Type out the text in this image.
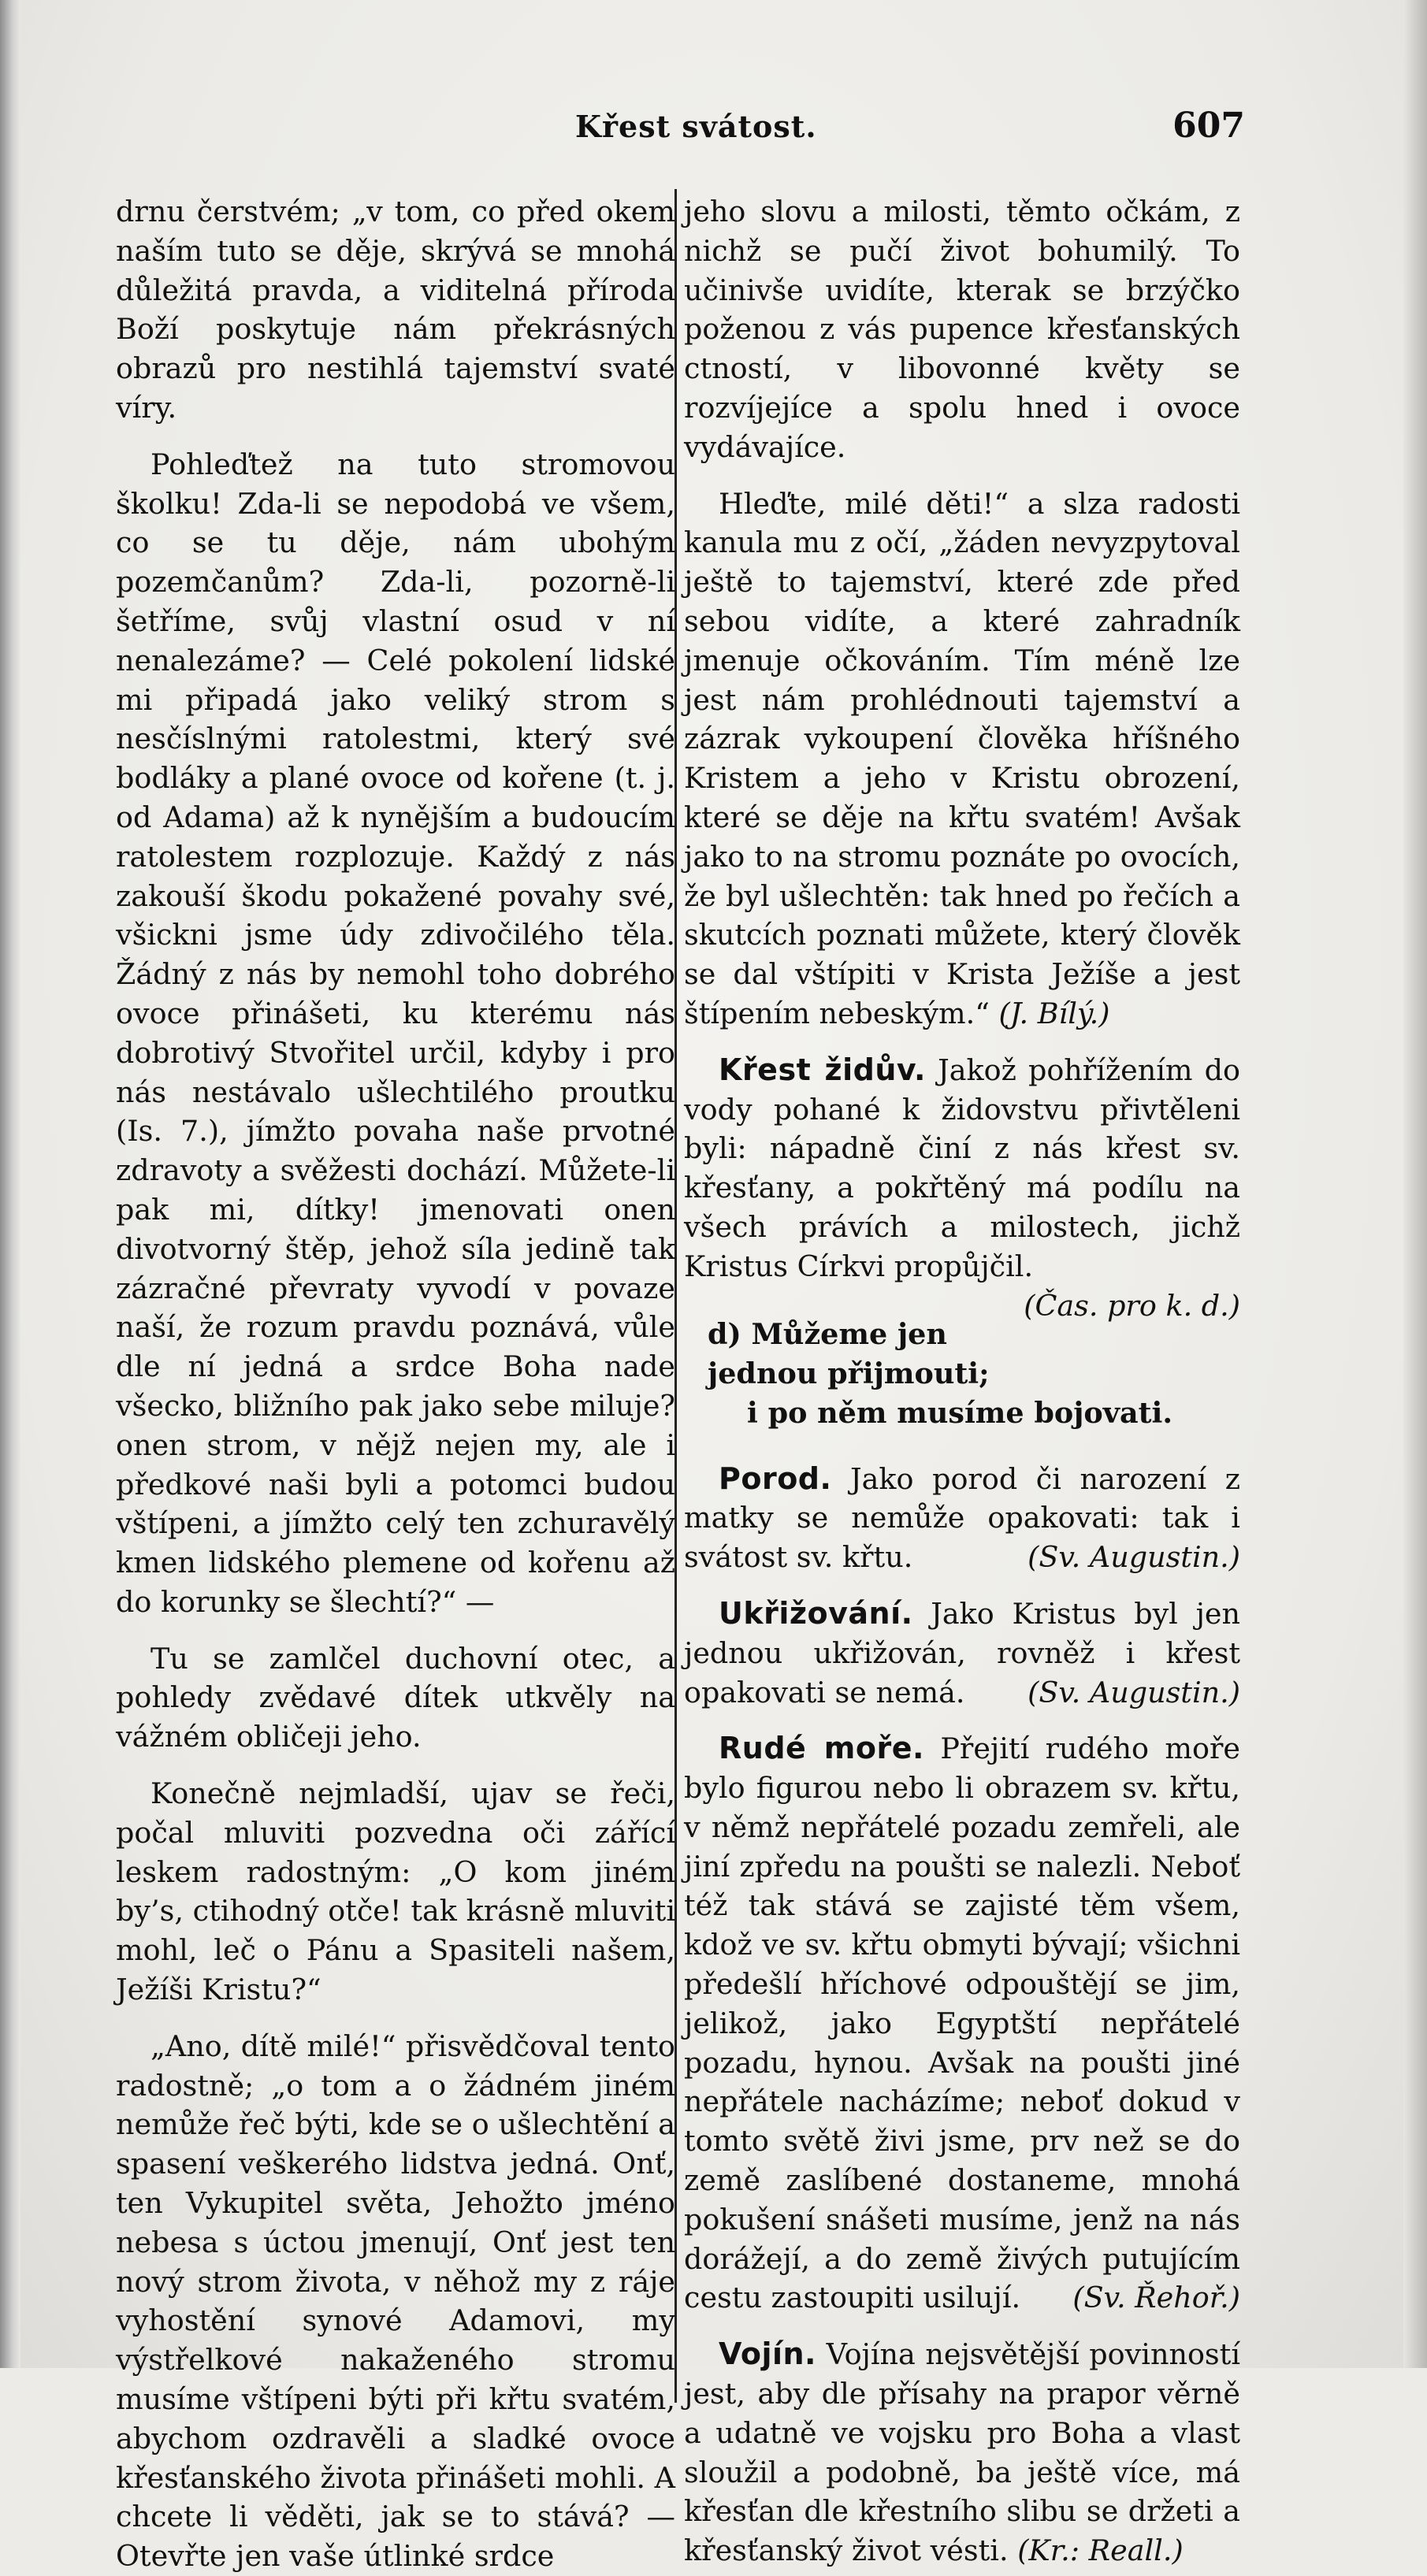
Křest svátost.	607

drnu čerstvém; „v tom, co před okem naším tuto se děje, skrývá se mnohá důležitá pravda, a viditelná příroda Boží poskytuje nám překrásných obrazů pro nestihlá tajemství svaté víry.

Pohleďtež na tuto stromovou školku! Zda-li se nepodobá ve všem, co se tu děje, nám ubohým pozemčanům? Zda-li, pozorně-li šetříme, svůj vlastní osud v ní nenalezáme? — Celé pokolení lidské mi připadá jako veliký strom s nesčíslnými ratolestmi, který své bodláky a plané ovoce od kořene (t. j. od Adama) až k nynějším a budoucím ratolestem rozplozuje. Každý z nás zakouší škodu pokažené povahy své, všickni jsme údy zdivočilého těla. Žádný z nás by nemohl toho dobrého ovoce přinášeti, ku kterému nás dobrotivý Stvořitel určil, kdyby i pro nás nestávalo ušlechtilého proutku (Is. 7.), jímžto povaha naše prvotné zdravoty a svěžesti dochází. Můžete-li pak mi, dítky! jmenovati onen divotvorný štěp, jehož síla jedině tak zázračné převraty vyvodí v povaze naší, že rozum pravdu poznává, vůle dle ní jedná a srdce Boha nade všecko, bližního pak jako sebe miluje? onen strom, v nějž nejen my, ale i předkové naši byli a potomci budou vštípeni, a jímžto celý ten zchuravělý kmen lidského plemene od kořenu až do korunky se šlechtí?“ —

Tu se zamlčel duchovní otec, a pohledy zvědavé dítek utkvěly na vážném obličeji jeho.

Konečně nejmladší, ujav se řeči, počal mluviti pozvedna oči zářící leskem radostným: „O kom jiném by’s, ctihodný otče! tak krásně mluviti mohl, leč o Pánu a Spasiteli našem, Ježíši Kristu?“

„Ano, dítě milé!“ přisvědčoval tento radostně; „o tom a o žádném jiném nemůže řeč býti, kde se o ušlechtění a spasení veškerého lidstva jedná. Onť, ten Vykupitel světa, Jehožto jméno nebesa s úctou jmenují, Onť jest ten nový strom života, v něhož my z ráje vyhostění synové Adamovi, my výstřelkové nakaženého stromu musíme vštípeni býti při křtu svatém, abychom ozdravěli a sladké ovoce křesťanského života přinášeti mohli. A chcete li věděti, jak se to stává? — Otevřte jen vaše útlinké srdce

jeho slovu a milosti, těmto očkám, z nichž se pučí život bohumilý. To učinivše uvidíte, kterak se brzýčko poženou z vás pupence křesťanských ctností, v libovonné květy se rozvíjejíce a spolu hned i ovoce vydávajíce.

Hleďte, milé děti!“ a slza radosti kanula mu z očí, „žáden nevyzpytoval ještě to tajemství, které zde před sebou vidíte, a které zahradník jmenuje očkováním. Tím méně lze jest nám prohlédnouti tajemství a zázrak vykoupení člověka hříšného Kristem a jeho v Kristu obrození, které se děje na křtu svatém! Avšak jako to na stromu poznáte po ovocích, že byl ušlechtěn: tak hned po řečích a skutcích poznati můžete, který člověk se dal vštípiti v Krista Ježíše a jest štípením nebeským.“ (J. Bílý.)

Křest židův. Jakož pohřížením do vody pohané k židovstvu přivtěleni byli: nápadně činí z nás křest sv. křesťany, a pokřtěný má podílu na všech právích a milostech, jichž Kristus Církvi propůjčil.
(Čas. pro k. d.)

d) Můžeme jen jednou přijmouti;
i po něm musíme bojovati.

Porod. Jako porod či narození z matky se nemůže opakovati: tak i svátost sv. křtu.	(Sv. Augustin.)

Ukřižování. Jako Kristus byl jen jednou ukřižován, rovněž i křest opakovati se nemá.	(Sv. Augustin.)

Rudé moře. Přejití rudého moře bylo figurou nebo li obrazem sv. křtu, v němž nepřátelé pozadu zemřeli, ale jiní zpředu na poušti se nalezli. Neboť též tak stává se zajisté těm všem, kdož ve sv. křtu obmyti bývají; všichni předešlí hříchové odpouštějí se jim, jelikož, jako Egyptští nepřátelé pozadu, hynou. Avšak na poušti jiné nepřátele nacházíme; neboť dokud v tomto světě živi jsme, prv než se do země zaslíbené dostaneme, mnohá pokušení snášeti musíme, jenž na nás dorážejí, a do země živých putujícím cestu zastoupiti usilují.	(Sv. Řehoř.)

Vojín. Vojína nejsvětější povinností jest, aby dle přísahy na prapor věrně a udatně ve vojsku pro Boha a vlast sloužil a podobně, ba ještě více, má křesťan dle křestního slibu se držeti a křesťanský život vésti. (Kr.: Reall.)
